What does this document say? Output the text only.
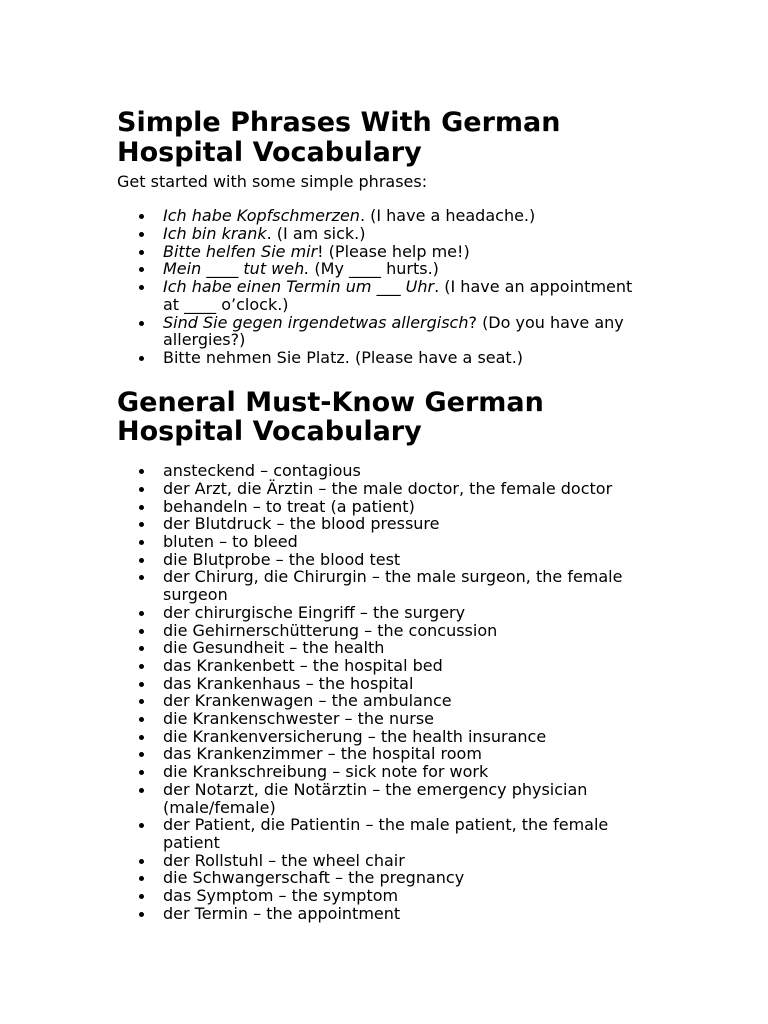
Simple Phrases With German Hospital Vocabulary

Get started with some simple phrases:

Ich habe Kopfschmerzen. (I have a headache.)
Ich bin krank. (I am sick.)
Bitte helfen Sie mir! (Please help me!)
Mein ____ tut weh. (My ____ hurts.)
Ich habe einen Termin um ___ Uhr. (I have an appointment at ____ o’clock.)
Sind Sie gegen irgendetwas allergisch? (Do you have any allergies?)
Bitte nehmen Sie Platz. (Please have a seat.)
General Must-Know German Hospital Vocabulary
ansteckend – contagious
der Arzt, die Ärztin – the male doctor, the female doctor
behandeln – to treat (a patient)
der Blutdruck – the blood pressure
bluten – to bleed
die Blutprobe – the blood test
der Chirurg, die Chirurgin – the male surgeon, the female surgeon
der chirurgische Eingriff – the surgery
die Gehirnerschütterung – the concussion
die Gesundheit – the health
das Krankenbett – the hospital bed
das Krankenhaus – the hospital
der Krankenwagen – the ambulance
die Krankenschwester – the nurse
die Krankenversicherung – the health insurance
das Krankenzimmer – the hospital room
die Krankschreibung – sick note for work
der Notarzt, die Notärztin – the emergency physician (male/female)
der Patient, die Patientin – the male patient, the female patient
der Rollstuhl – the wheel chair
die Schwangerschaft – the pregnancy
das Symptom – the symptom
der Termin – the appointment
